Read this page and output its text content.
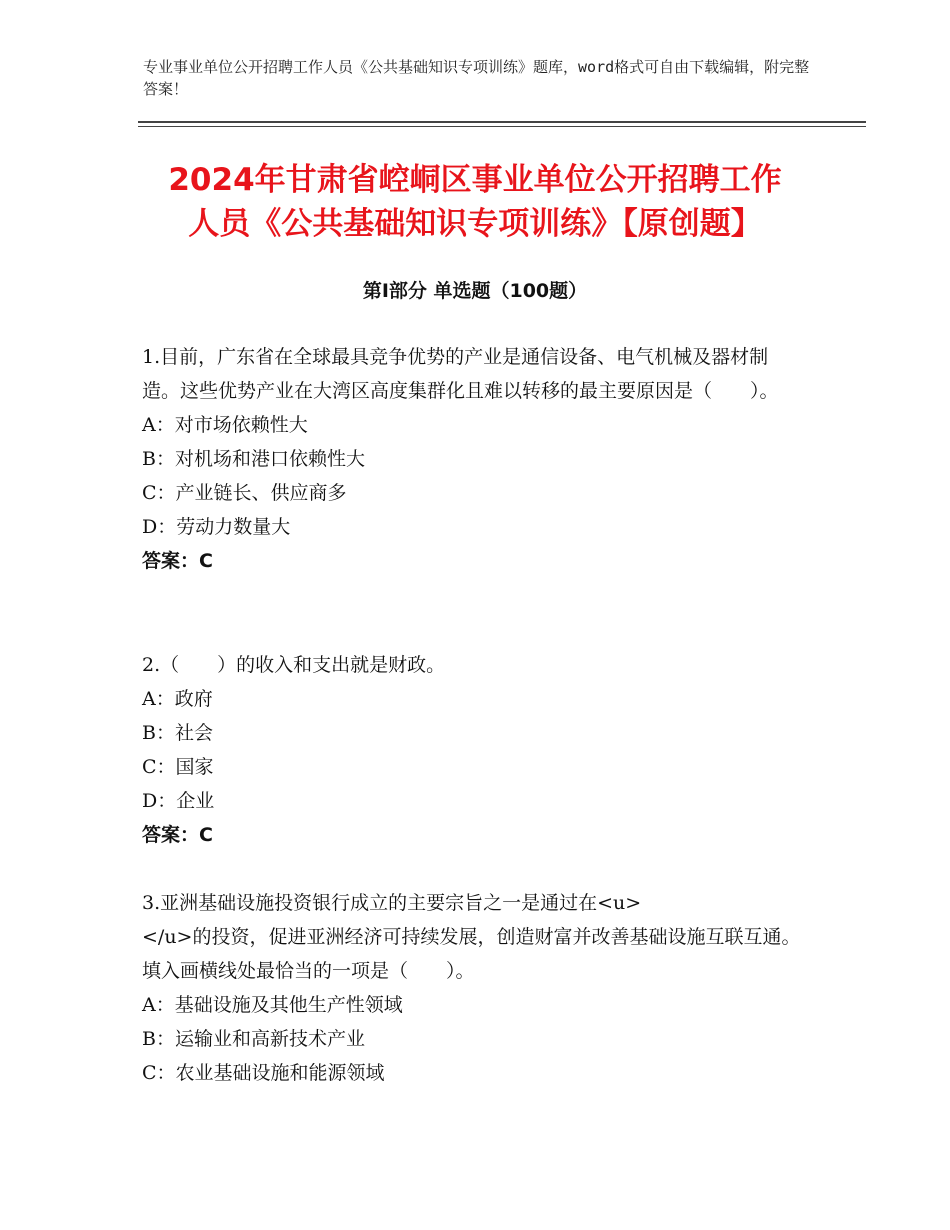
专业事业单位公开招聘工作人员《公共基础知识专项训练》题库，word格式可自由下载编辑，附完整答案！
2024年甘肃省崆峒区事业单位公开招聘工作
人员《公共基础知识专项训练》【原创题】
第I部分 单选题（100题）
1.目前，广东省在全球最具竞争优势的产业是通信设备、电气机械及器材制造。这些优势产业在大湾区高度集群化且难以转移的最主要原因是（　　）。
A：对市场依赖性大
B：对机场和港口依赖性大
C：产业链长、供应商多
D：劳动力数量大
答案：C
2.（　　）的收入和支出就是财政。
A：政府
B：社会
C：国家
D：企业
答案：C
3.亚洲基础设施投资银行成立的主要宗旨之一是通过在<u>
</u>的投资，促进亚洲经济可持续发展，创造财富并改善基础设施互联互通。填入画横线处最恰当的一项是（　　）。
A：基础设施及其他生产性领域
B：运输业和高新技术产业
C：农业基础设施和能源领域
